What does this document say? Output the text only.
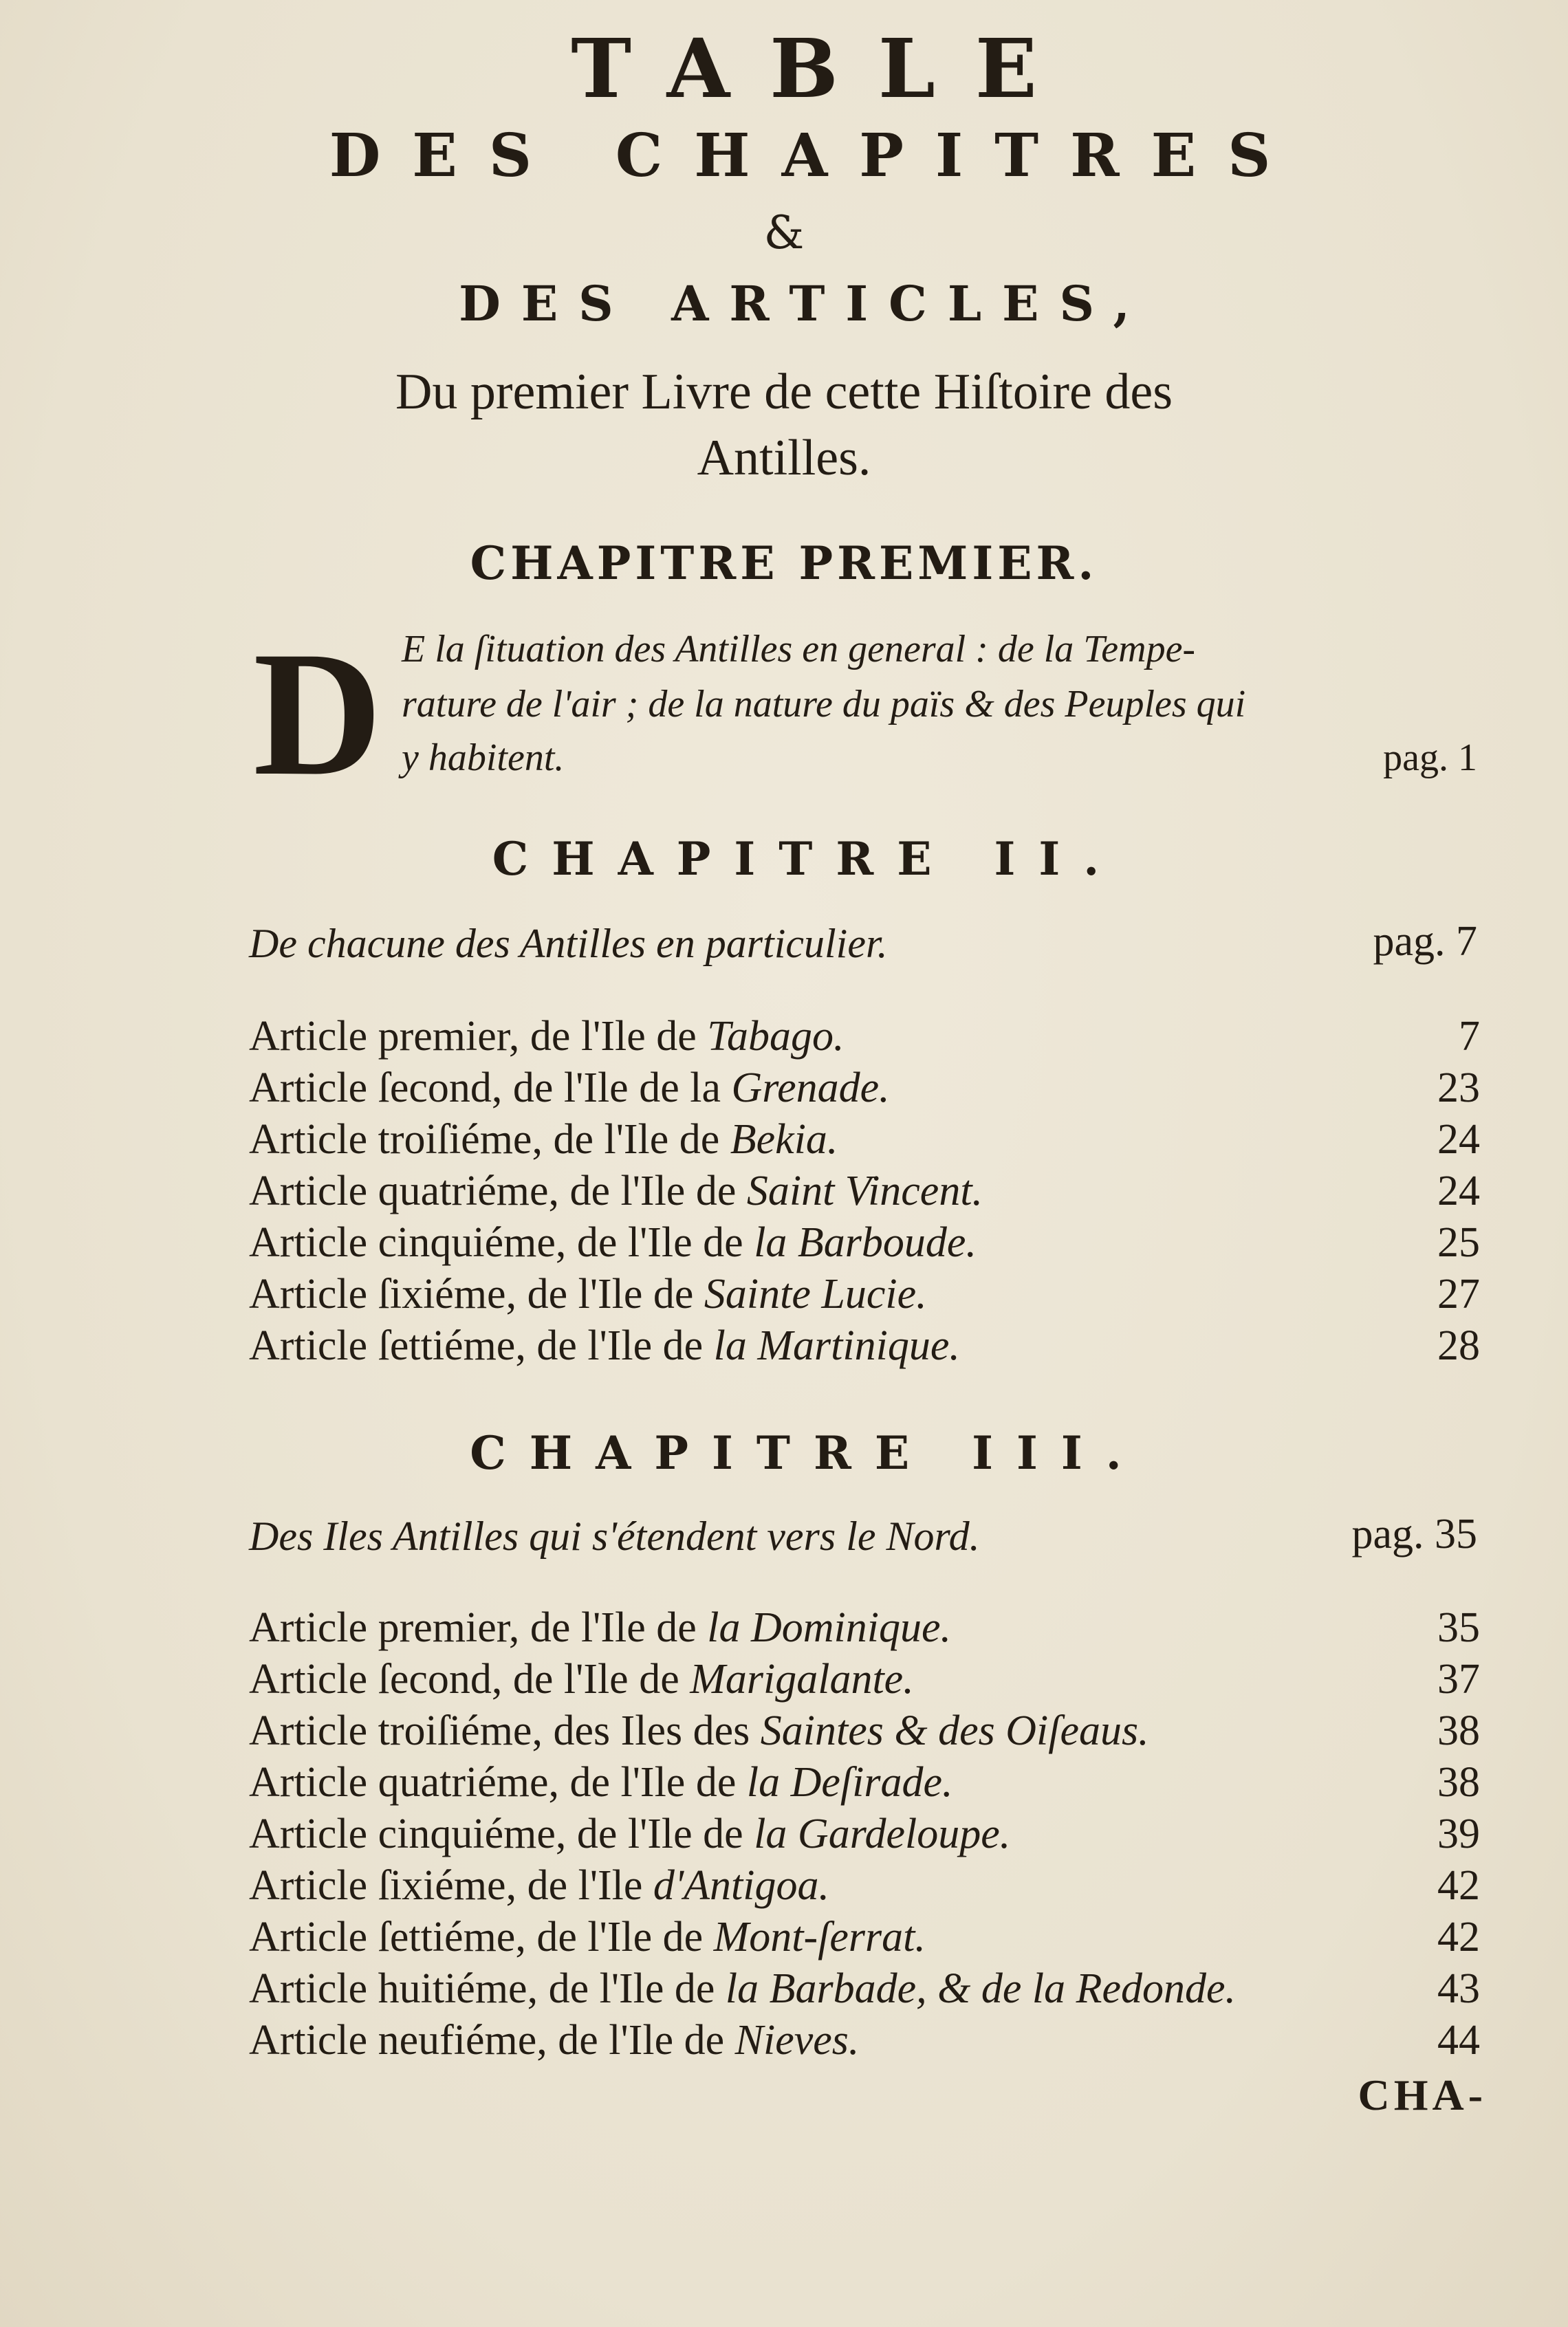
TABLE
DES CHAPITRES
&
DES ARTICLES,
Du premier Livre de cette Hiſtoire des
Antilles.
CHAPITRE PREMIER.
D E la ſituation des Antilles en general : de la Tempe-
rature de l'air ; de la nature du païs & des Peuples qui
y habitent.	pag. 1
CHAPITRE II.
De chacune des Antilles en particulier.	pag. 7
Article premier, de l'Ile de Tabago.	7
Article ſecond, de l'Ile de la Grenade.	23
Article troiſiéme, de l'Ile de Bekia.	24
Article quatriéme, de l'Ile de Saint Vincent.	24
Article cinquiéme, de l'Ile de la Barboude.	25
Article ſixiéme, de l'Ile de Sainte Lucie.	27
Article ſettiéme, de l'Ile de la Martinique.	28
CHAPITRE III.
Des Iles Antilles qui s'étendent vers le Nord.	pag. 35
Article premier, de l'Ile de la Dominique.	35
Article ſecond, de l'Ile de Marigalante.	37
Article troiſiéme, des Iles des Saintes & des Oiſeaus.	38
Article quatriéme, de l'Ile de la Deſirade.	38
Article cinquiéme, de l'Ile de la Gardeloupe.	39
Article ſixiéme, de l'Ile d'Antigoa.	42
Article ſettiéme, de l'Ile de Mont-ſerrat.	42
Article huitiéme, de l'Ile de la Barbade, & de la Redonde.	43
Article neufiéme, de l'Ile de Nieves.	44
CHA-
